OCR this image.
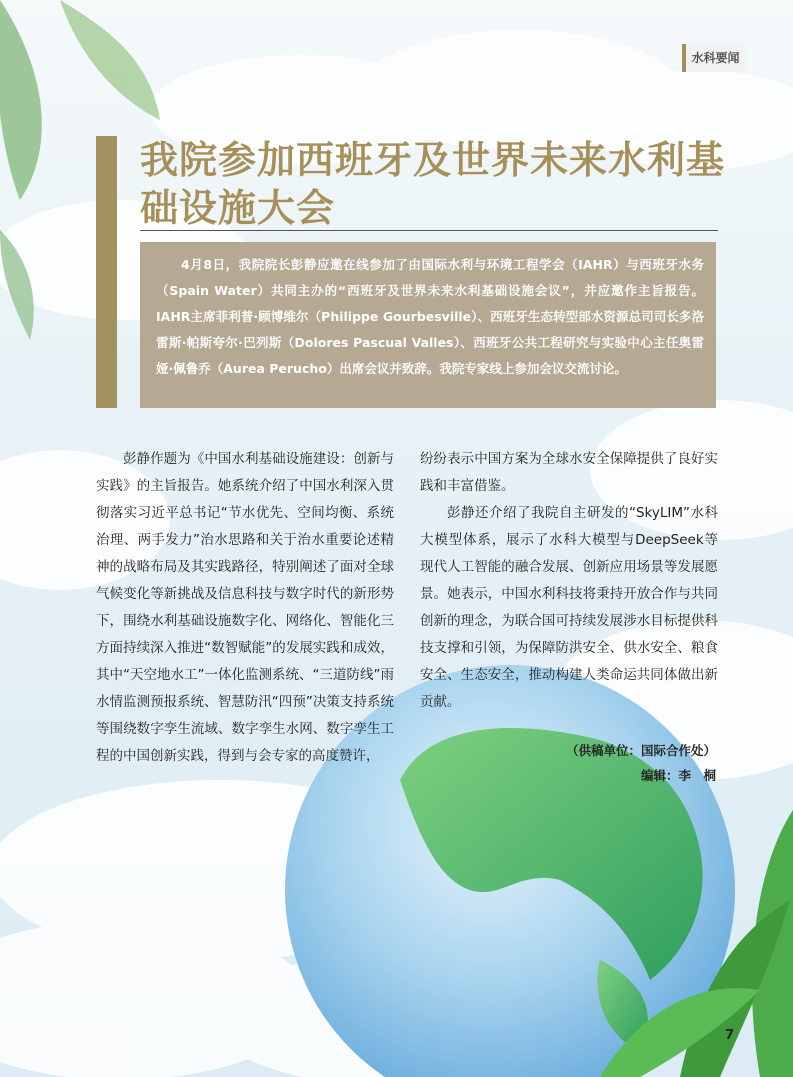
水科要闻
我院参加西班牙及世界未来水利基础设施大会

4月8日，我院院长彭静应邀在线参加了由国际水利与环境工程学会（IAHR）与西班牙水务（Spain Water）共同主办的“西班牙及世界未来水利基础设施会议”，并应邀作主旨报告。IAHR主席菲利普·顾博维尔（Philippe Gourbesville）、西班牙生态转型部水资源总司司长多洛雷斯·帕斯夸尔·巴列斯（Dolores Pascual Valles）、西班牙公共工程研究与实验中心主任奥雷娅·佩鲁乔（Aurea Perucho）出席会议并致辞。我院专家线上参加会议交流讨论。

彭静作题为《中国水利基础设施建设：创新与实践》的主旨报告。她系统介绍了中国水利深入贯彻落实习近平总书记“节水优先、空间均衡、系统治理、两手发力”治水思路和关于治水重要论述精神的战略布局及其实践路径，特别阐述了面对全球气候变化等新挑战及信息科技与数字时代的新形势下，围绕水利基础设施数字化、网络化、智能化三方面持续深入推进“数智赋能”的发展实践和成效，其中“天空地水工”一体化监测系统、“三道防线”雨水情监测预报系统、智慧防汛“四预”决策支持系统等围绕数字孪生流域、数字孪生水网、数字孪生工程的中国创新实践，得到与会专家的高度赞许，

纷纷表示中国方案为全球水安全保障提供了良好实践和丰富借鉴。

彭静还介绍了我院自主研发的“SkyLIM”水科大模型体系，展示了水科大模型与DeepSeek等现代人工智能的融合发展、创新应用场景等发展愿景。她表示，中国水利科技将秉持开放合作与共同创新的理念，为联合国可持续发展涉水目标提供科技支撑和引领，为保障防洪安全、供水安全、粮食安全、生态安全，推动构建人类命运共同体做出新贡献。

（供稿单位：国际合作处）
编辑：李　桐
7
